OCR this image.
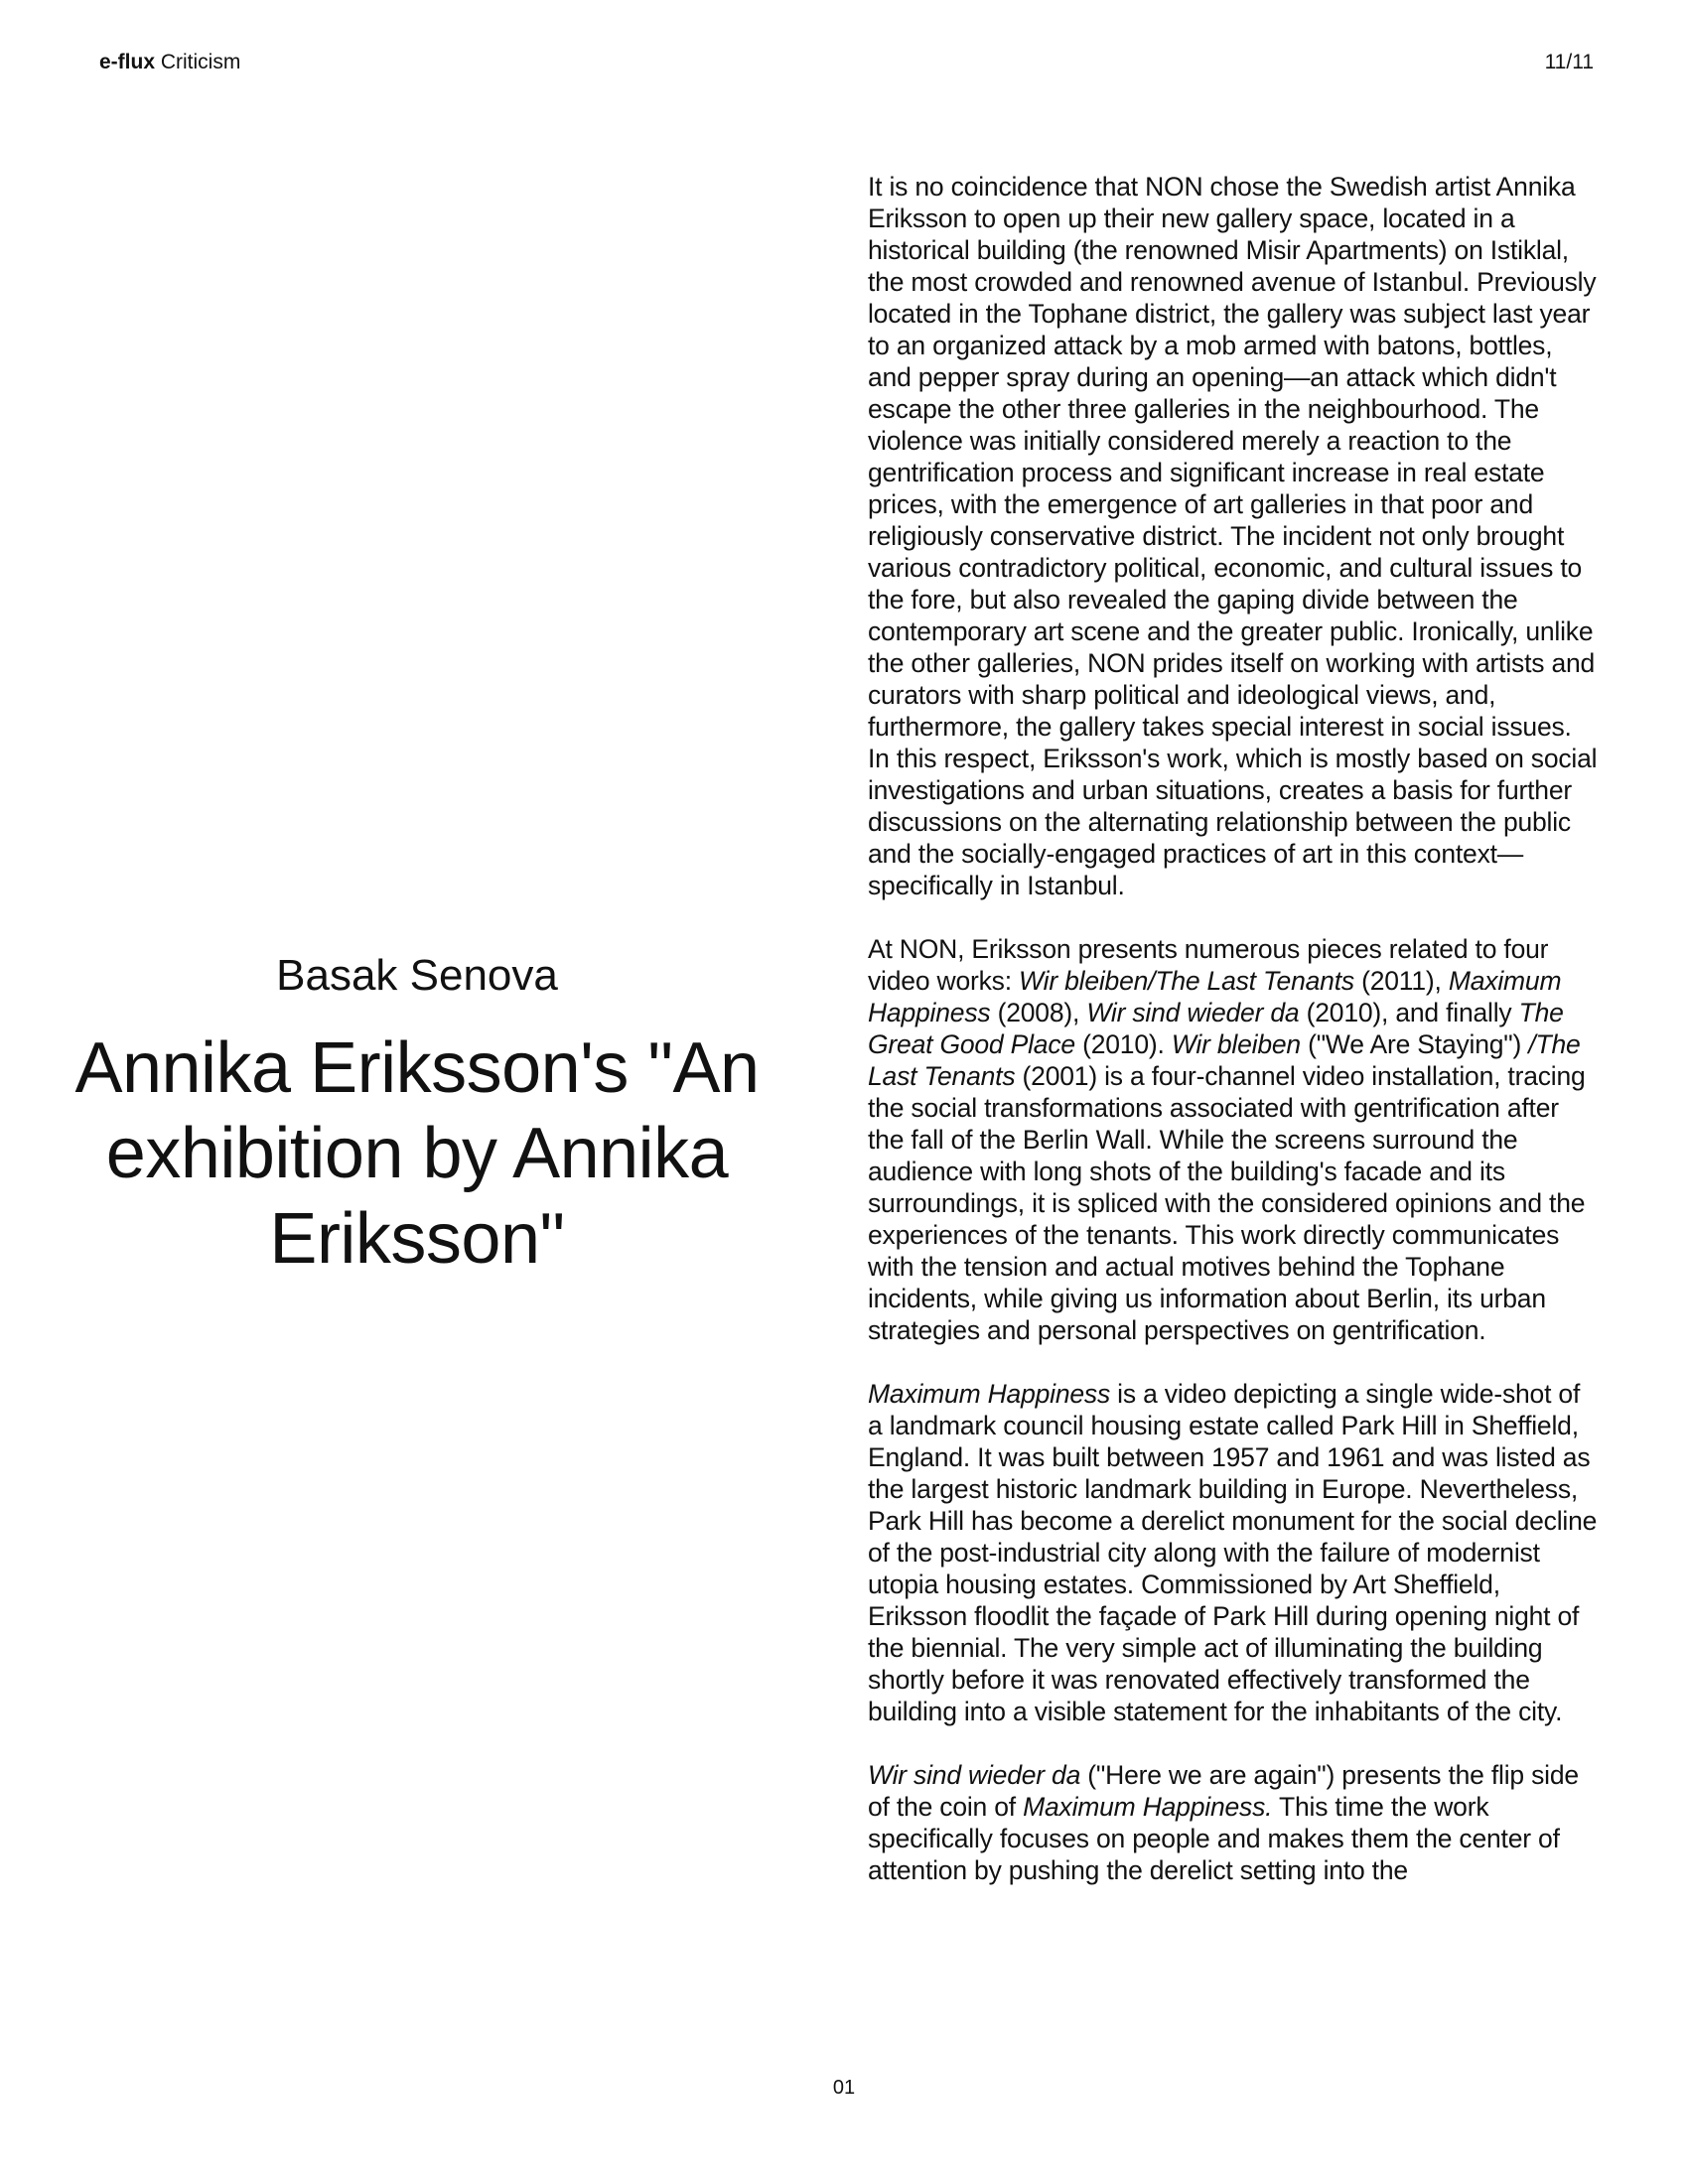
e-flux Criticism	11/11
Basak Senova
Annika Eriksson's "An exhibition by Annika Eriksson"

It is no coincidence that NON chose the Swedish artist Annika Eriksson to open up their new gallery space, located in a historical building (the renowned Misir Apartments) on Istiklal, the most crowded and renowned avenue of Istanbul. Previously located in the Tophane district, the gallery was subject last year to an organized attack by a mob armed with batons, bottles, and pepper spray during an opening—an attack which didn't escape the other three galleries in the neighbourhood. The violence was initially considered merely a reaction to the gentrification process and significant increase in real estate prices, with the emergence of art galleries in that poor and religiously conservative district. The incident not only brought various contradictory political, economic, and cultural issues to the fore, but also revealed the gaping divide between the contemporary art scene and the greater public. Ironically, unlike the other galleries, NON prides itself on working with artists and curators with sharp political and ideological views, and, furthermore, the gallery takes special interest in social issues. In this respect, Eriksson's work, which is mostly based on social investigations and urban situations, creates a basis for further discussions on the alternating relationship between the public and the socially-engaged practices of art in this context—specifically in Istanbul.

At NON, Eriksson presents numerous pieces related to four video works: Wir bleiben/The Last Tenants (2011), Maximum Happiness (2008), Wir sind wieder da (2010), and finally The Great Good Place (2010). Wir bleiben ("We Are Staying") /The Last Tenants (2001) is a four-channel video installation, tracing the social transformations associated with gentrification after the fall of the Berlin Wall. While the screens surround the audience with long shots of the building's facade and its surroundings, it is spliced with the considered opinions and the experiences of the tenants. This work directly communicates with the tension and actual motives behind the Tophane incidents, while giving us information about Berlin, its urban strategies and personal perspectives on gentrification.

Maximum Happiness is a video depicting a single wide-shot of a landmark council housing estate called Park Hill in Sheffield, England. It was built between 1957 and 1961 and was listed as the largest historic landmark building in Europe. Nevertheless, Park Hill has become a derelict monument for the social decline of the post-industrial city along with the failure of modernist utopia housing estates. Commissioned by Art Sheffield, Eriksson floodlit the façade of Park Hill during opening night of the biennial. The very simple act of illuminating the building shortly before it was renovated effectively transformed the building into a visible statement for the inhabitants of the city.

Wir sind wieder da ("Here we are again") presents the flip side of the coin of Maximum Happiness. This time the work specifically focuses on people and makes them the center of attention by pushing the derelict setting into the

01
